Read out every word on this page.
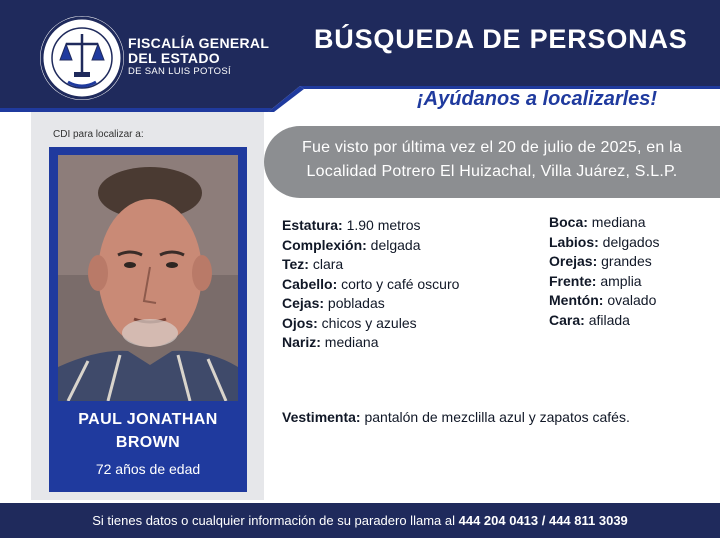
FISCALÍA GENERAL
DEL ESTADO
DE SAN LUIS POTOSÍ
BÚSQUEDA DE PERSONAS
¡Ayúdanos a localizarles!
CDI para localizar a:
PAUL JONATHAN
BROWN
72 años de edad
Fue visto por última vez el 20 de julio de 2025, en la
Localidad Potrero El Huizachal, Villa Juárez, S.L.P.
Estatura: 1.90 metros
Complexión: delgada
Tez: clara
Cabello: corto y café oscuro
Cejas: pobladas
Ojos: chicos y azules
Nariz: mediana
Boca: mediana
Labios: delgados
Orejas: grandes
Frente: amplia
Mentón: ovalado
Cara: afilada
Vestimenta: pantalón de mezclilla azul y zapatos cafés.
Si tienes datos o cualquier información de su paradero llama al 444 204 0413 / 444 811 3039
